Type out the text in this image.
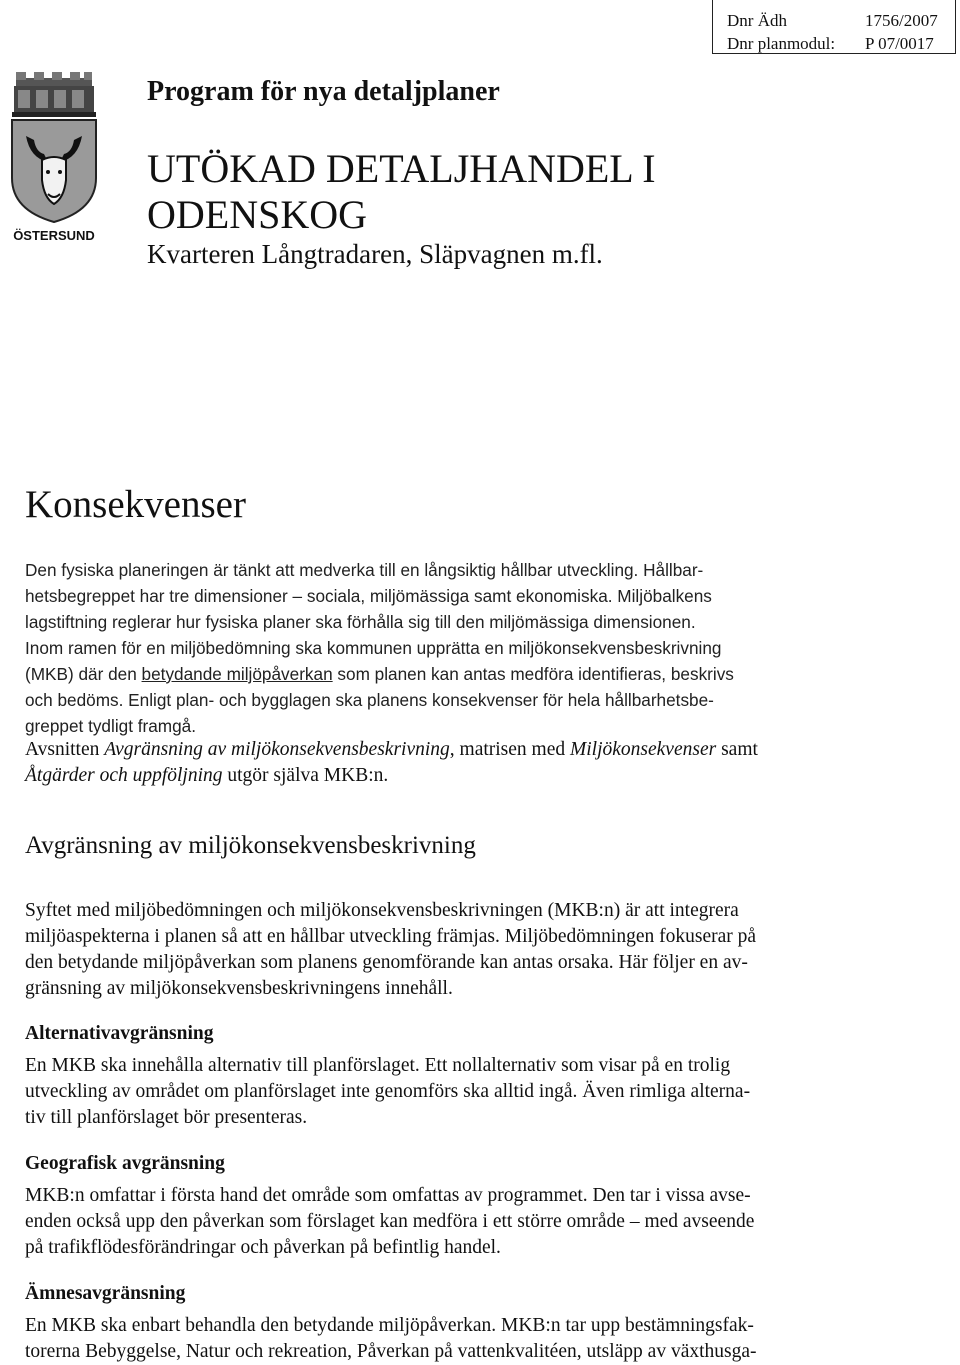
Dnr Ädh	1756/2007
Dnr planmodul: P 07/0017
ÖSTERSUND
Program för nya detaljplaner
UTÖKAD DETALJHANDEL I
ODENSKOG
Kvarteren Långtradaren, Släpvagnen m.fl.
Konsekvenser

Den fysiska planeringen är tänkt att medverka till en långsiktig hållbar utveckling. Hållbar-
hetsbegreppet har tre dimensioner – sociala, miljömässiga samt ekonomiska. Miljöbalkens
lagstiftning reglerar hur fysiska planer ska förhålla sig till den miljömässiga dimensionen.
Inom ramen för en miljöbedömning ska kommunen upprätta en miljökonsekvensbeskrivning
(MKB) där den betydande miljöpåverkan som planen kan antas medföra identifieras, beskrivs
och bedöms. Enligt plan- och bygglagen ska planens konsekvenser för hela hållbarhetsbe-
greppet tydligt framgå.

Avsnitten Avgränsning av miljökonsekvensbeskrivning, matrisen med Miljökonsekvenser samt
Åtgärder och uppföljning utgör själva MKB:n.

Avgränsning av miljökonsekvensbeskrivning

Syftet med miljöbedömningen och miljökonsekvensbeskrivningen (MKB:n) är att integrera
miljöaspekterna i planen så att en hållbar utveckling främjas. Miljöbedömningen fokuserar på
den betydande miljöpåverkan som planens genomförande kan antas orsaka. Här följer en av-
gränsning av miljökonsekvensbeskrivningens innehåll.

Alternativavgränsning

En MKB ska innehålla alternativ till planförslaget. Ett nollalternativ som visar på en trolig
utveckling av området om planförslaget inte genomförs ska alltid ingå. Även rimliga alterna-
tiv till planförslaget bör presenteras.

Geografisk avgränsning

MKB:n omfattar i första hand det område som omfattas av programmet. Den tar i vissa avse-
enden också upp den påverkan som förslaget kan medföra i ett större område – med avseende
på trafikflödesförändringar och påverkan på befintlig handel.

Ämnesavgränsning

En MKB ska enbart behandla den betydande miljöpåverkan. MKB:n tar upp bestämningsfak-
torerna Bebyggelse, Natur och rekreation, Påverkan på vattenkvalitéen, utsläpp av växthusga-
